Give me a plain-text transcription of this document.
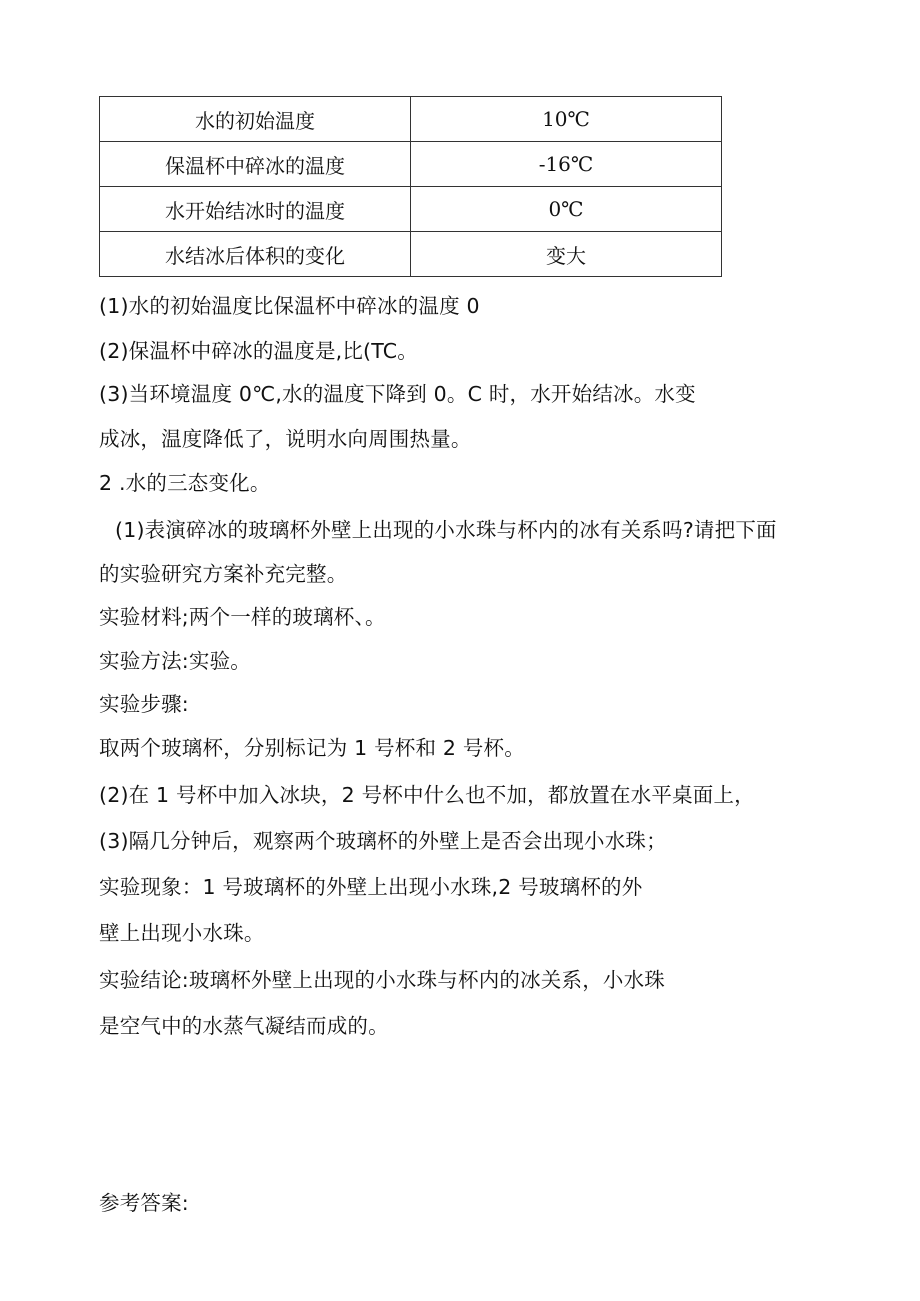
水的初始温度	10℃
保温杯中碎冰的温度	-16℃
水开始结冰时的温度	0℃
水结冰后体积的变化	变大
(1)水的初始温度比保温杯中碎冰的温度 0
(2)保温杯中碎冰的温度是,比(TC。
(3)当环境温度 0℃,水的温度下降到 0。C 时，水开始结冰。水变
成冰，温度降低了，说明水向周围热量。
2 .水的三态变化。
(1)表演碎冰的玻璃杯外壁上出现的小水珠与杯内的冰有关系吗?请把下面
的实验研究方案补充完整。
实验材料;两个一样的玻璃杯、。
实验方法:实验。
实验步骤:
取两个玻璃杯，分别标记为 1 号杯和 2 号杯。
(2)在 1 号杯中加入冰块，2 号杯中什么也不加，都放置在水平桌面上，
(3)隔几分钟后，观察两个玻璃杯的外壁上是否会出现小水珠；
实验现象：1 号玻璃杯的外壁上出现小水珠,2 号玻璃杯的外
壁上出现小水珠。
实验结论:玻璃杯外壁上出现的小水珠与杯内的冰关系，小水珠
是空气中的水蒸气凝结而成的。
参考答案:
